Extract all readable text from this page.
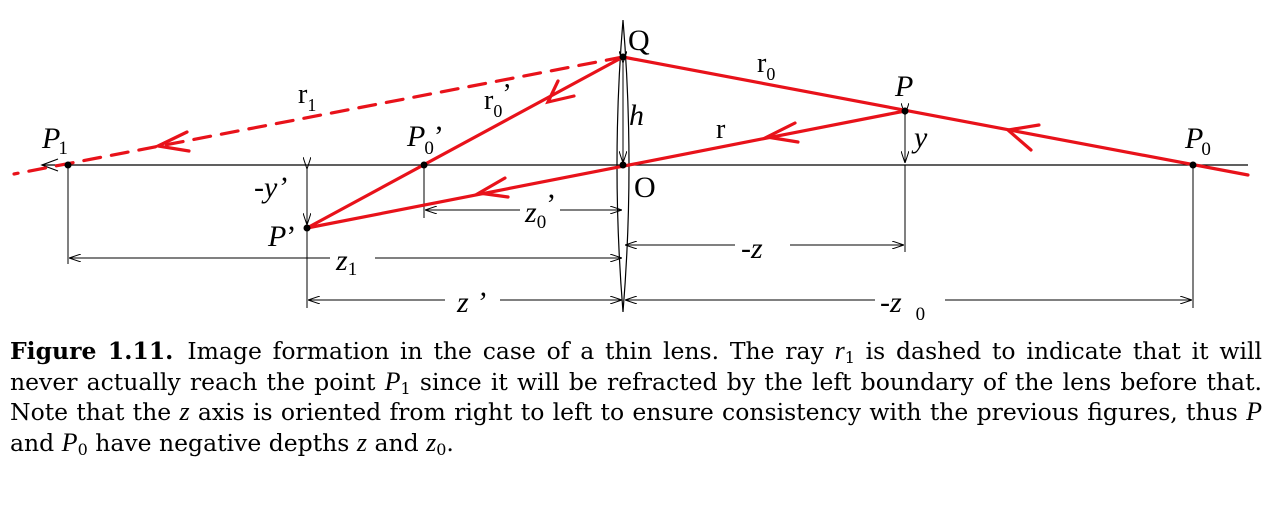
Q
O
P
P’
P1	P0
P0’
h
y
-y’
r
$r_0$
$r_1$	$r_0$’
$z_0$’
-z
z1
z ’	-z $_0$
Figure 1.11. Image formation in the case of a thin lens. The ray $r_1$ is dashed to indicate that it will never actually reach the point $P_1$ since it will be refracted by the left boundary of the lens before that. Note that the z axis is oriented from right to left to ensure consistency with the previous figures, thus P and $P_0$ have negative depths z and $z_0$.
